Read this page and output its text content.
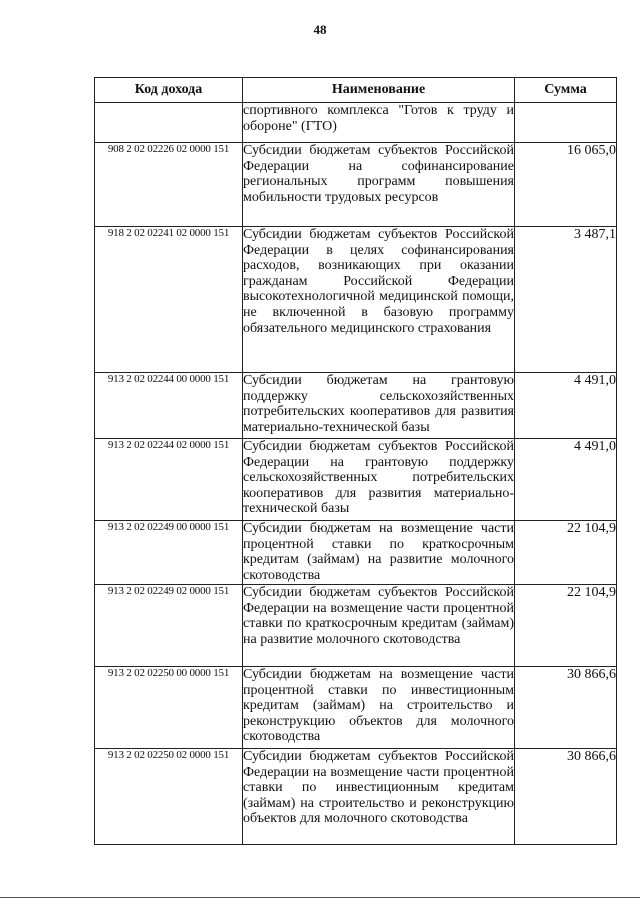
48
Код дохода	Наименование	Сумма
	спортивного комплекса "Готов к труду и обороне" (ГТО)	
908 2 02 02226 02 0000 151	Субсидии бюджетам субъектов Российской Федерации на софинансирование региональных программ повышения мобильности трудовых ресурсов	16 065,0
918 2 02 02241 02 0000 151	Субсидии бюджетам субъектов Российской Федерации в целях софинансирования расходов, возникающих при оказании гражданам Российской Федерации высокотехнологичной медицинской помощи, не включенной в базовую программу обязательного медицинского страхования	3 487,1
913 2 02 02244 00 0000 151	Субсидии бюджетам на грантовую поддержку сельскохозяйственных потребительских кооперативов для развития материально-технической базы	4 491,0
913 2 02 02244 02 0000 151	Субсидии бюджетам субъектов Российской Федерации на грантовую поддержку сельскохозяйственных потребительских кооперативов для развития материально-технической базы	4 491,0
913 2 02 02249 00 0000 151	Субсидии бюджетам на возмещение части процентной ставки по краткосрочным кредитам (займам) на развитие молочного скотоводства	22 104,9
913 2 02 02249 02 0000 151	Субсидии бюджетам субъектов Российской Федерации на возмещение части процентной ставки по краткосрочным кредитам (займам) на развитие молочного скотоводства	22 104,9
913 2 02 02250 00 0000 151	Субсидии бюджетам на возмещение части процентной ставки по инвестиционным кредитам (займам) на строительство и реконструкцию объектов для молочного скотоводства	30 866,6
913 2 02 02250 02 0000 151	Субсидии бюджетам субъектов Российской Федерации на возмещение части процентной ставки по инвестиционным кредитам (займам) на строительство и реконструкцию объектов для молочного скотоводства	30 866,6
